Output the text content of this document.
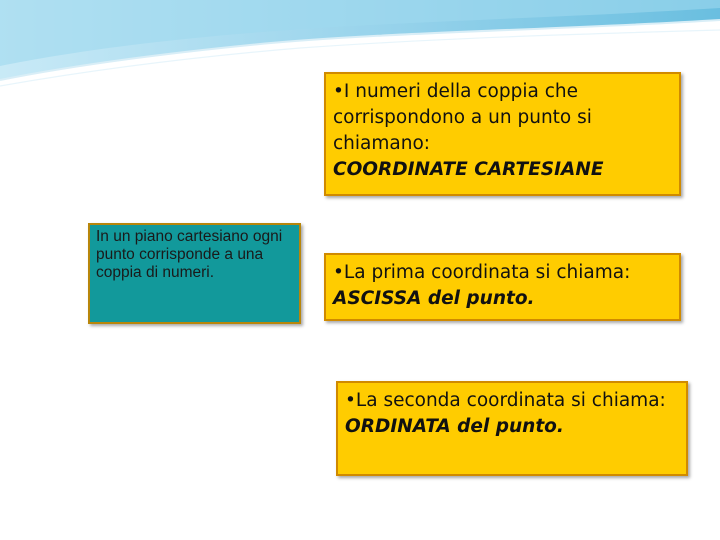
In un piano cartesiano ogni punto corrisponde a una coppia di numeri.
•I numeri della coppia che corrispondono a un punto si chiamano:
COORDINATE CARTESIANE
•La prima coordinata si chiama:  ASCISSA del punto.
•La seconda coordinata si chiama: ORDINATA del punto.
